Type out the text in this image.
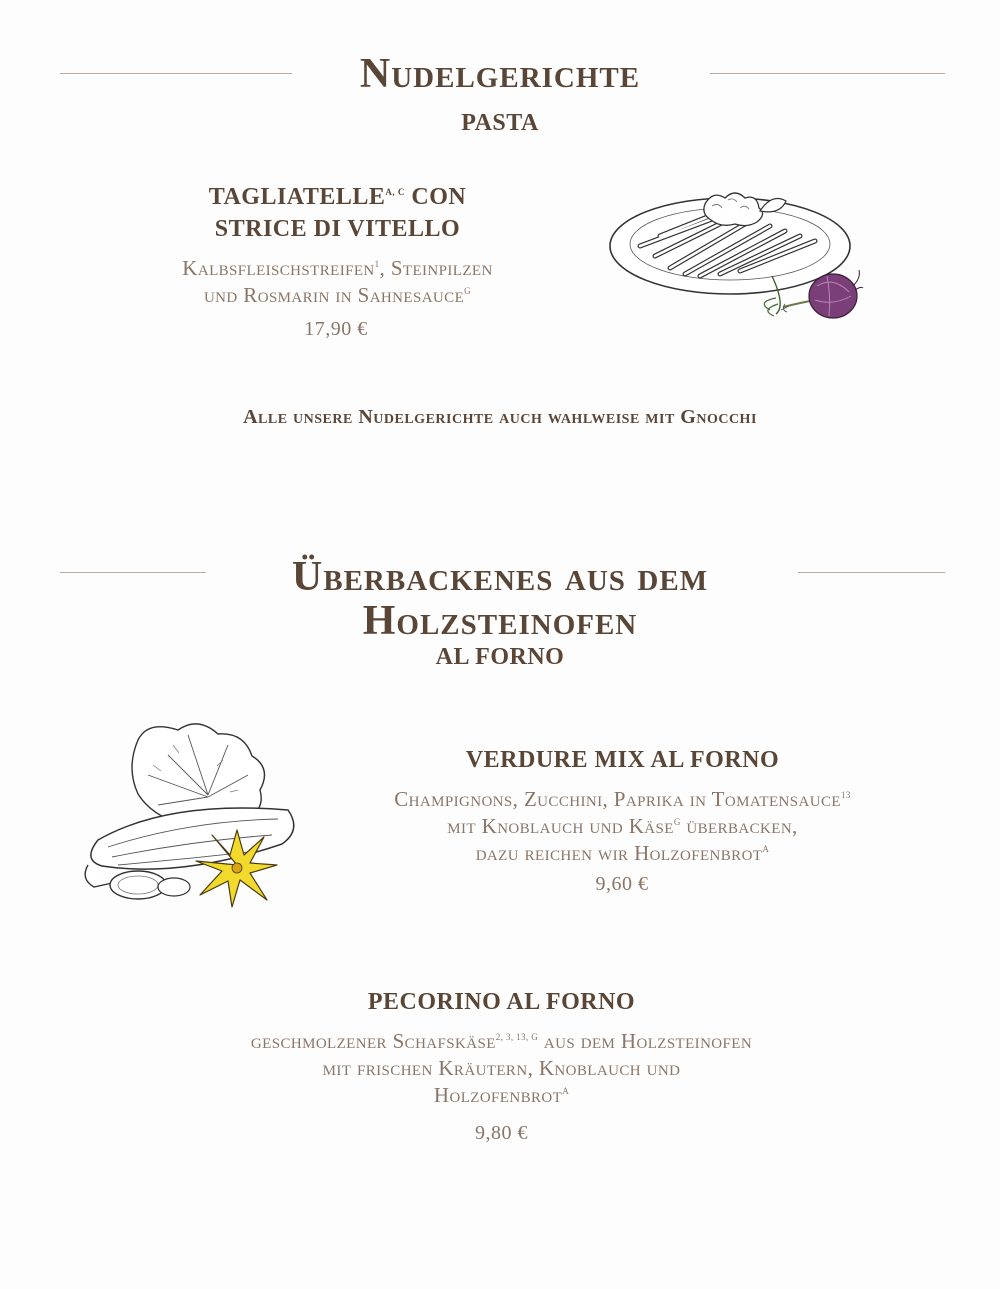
Nudelgerichte
PASTA
$TAGLIATELLE^{A, C}$ CON
STRICE DI VITELLO
Kalbsfleischstreifen$^1$, Steinpilzen
und Rosmarin in Sahnesauce$^G$
17,90 €
Alle unsere Nudelgerichte auch wahlweise mit Gnocchi
Überbackenes aus dem
Holzsteinofen
AL FORNO
VERDURE MIX AL FORNO
Champignons, Zucchini, Paprika in Tomatensauce$^{13}$
mit Knoblauch und Käse$^G$ überbacken,
dazu reichen wir Holzofenbrot$^A$
9,60 €
PECORINO AL FORNO
geschmolzener Schafskäse$^{2, 3, 13, G}$ aus dem Holzsteinofen
mit frischen Kräutern, Knoblauch und
Holzofenbrot$^A$
9,80 €
